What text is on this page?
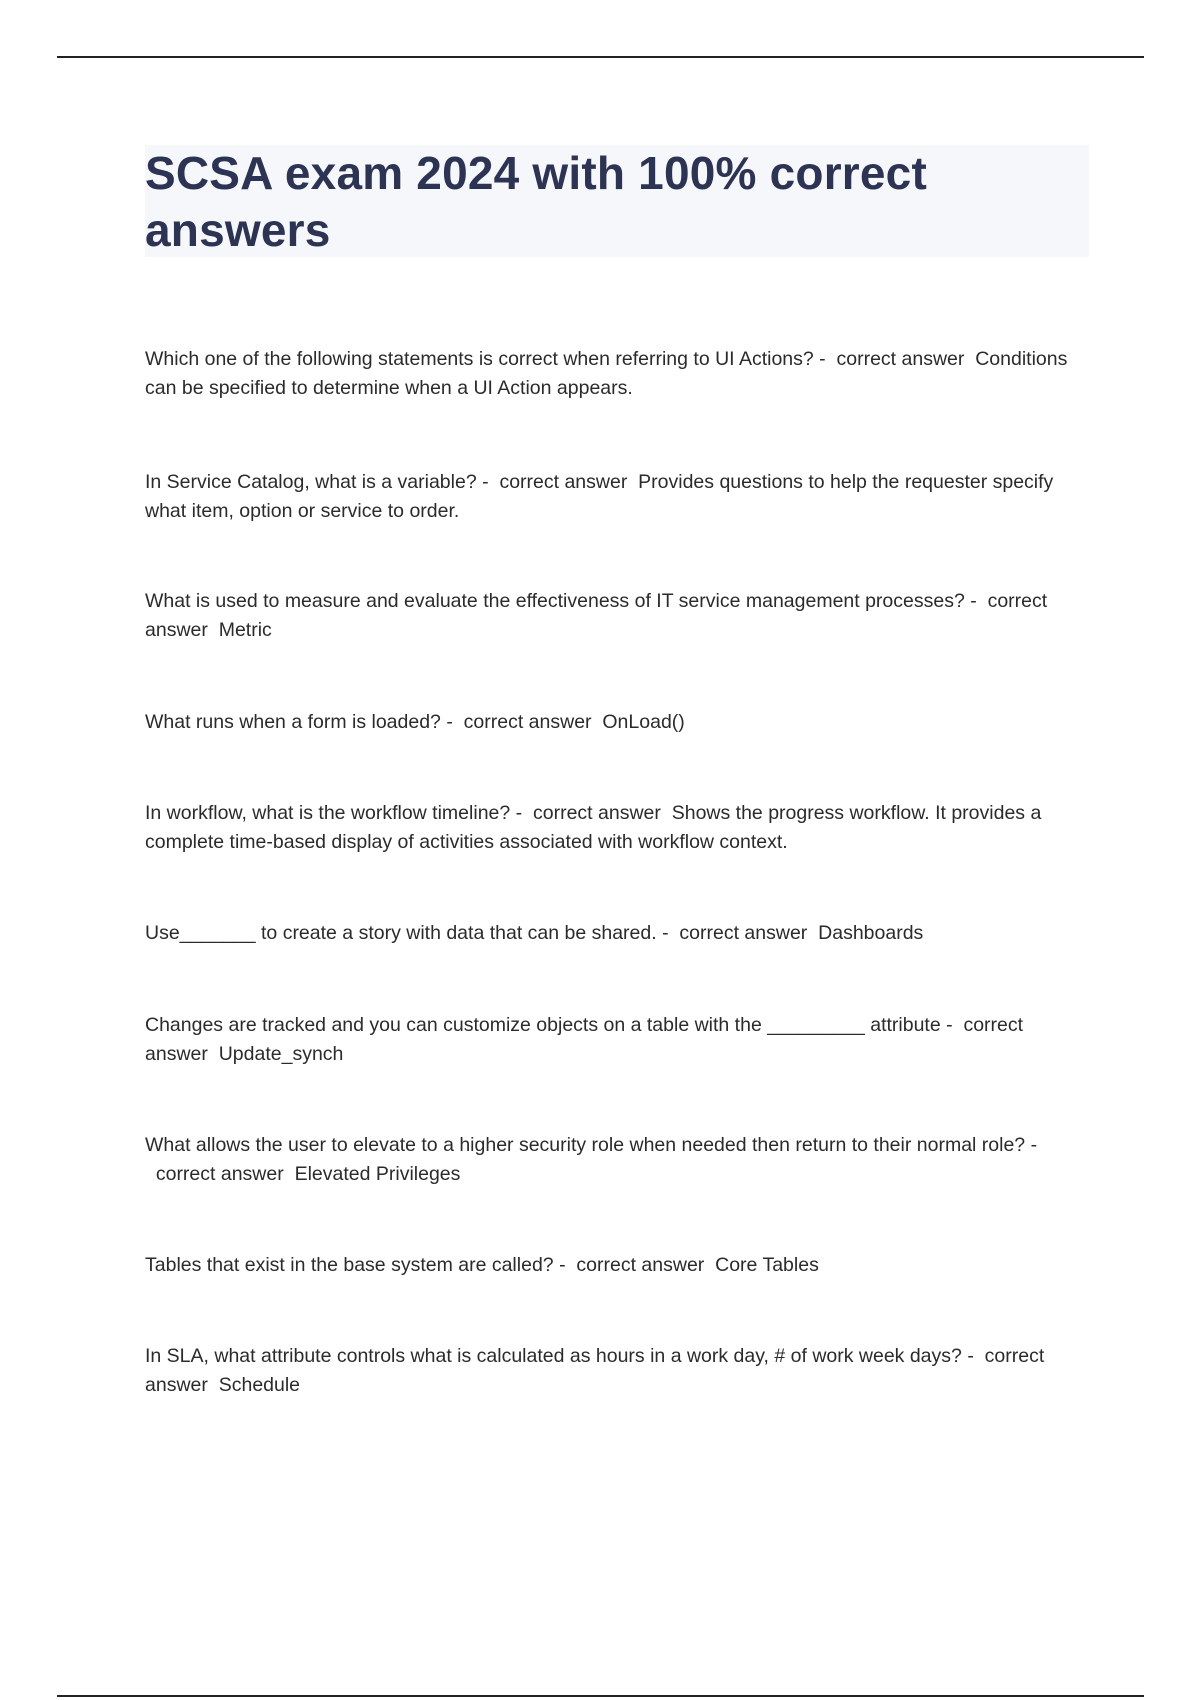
SCSA exam 2024 with 100% correct answers

Which one of the following statements is correct when referring to UI Actions? - correct answer Conditions can be specified to determine when a UI Action appears.

In Service Catalog, what is a variable? - correct answer Provides questions to help the requester specify what item, option or service to order.

What is used to measure and evaluate the effectiveness of IT service management processes? - correct answer Metric

What runs when a form is loaded? - correct answer OnLoad()

In workflow, what is the workflow timeline? - correct answer Shows the progress workflow. It provides a complete time-based display of activities associated with workflow context.

Use_______ to create a story with data that can be shared. - correct answer Dashboards

Changes are tracked and you can customize objects on a table with the _________ attribute - correct answer Update_synch

What allows the user to elevate to a higher security role when needed then return to their normal role? -  correct answer Elevated Privileges

Tables that exist in the base system are called? - correct answer Core Tables

In SLA, what attribute controls what is calculated as hours in a work day, # of work week days? - correct answer Schedule
